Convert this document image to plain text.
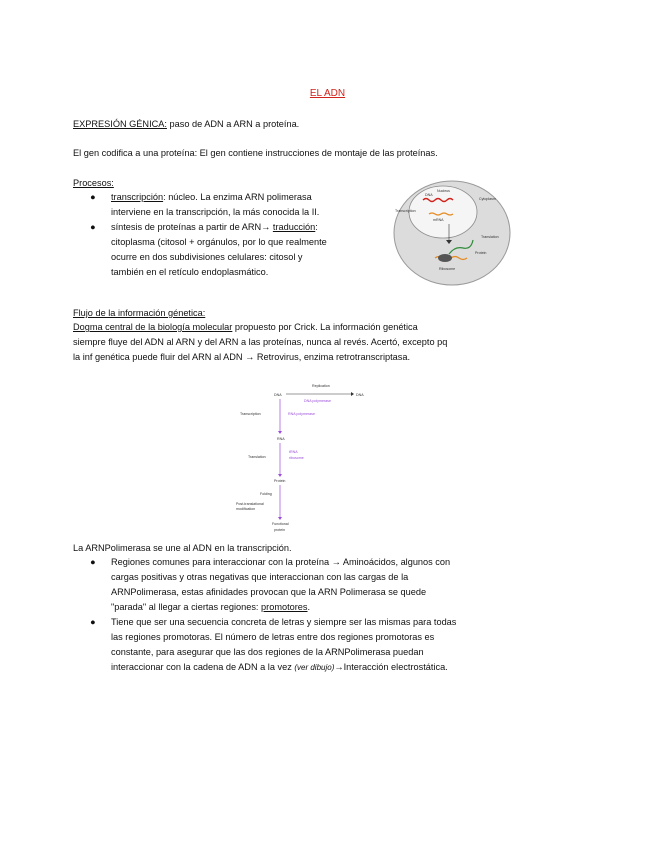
EL ADN
EXPRESIÓN GÉNICA: paso de ADN a ARN a proteína.
El gen codifica a una proteína: El gen contiene instrucciones de montaje de las proteínas.
Procesos:
● transcripción: núcleo. La enzima ARN polimerasa
interviene en la transcripción, la más conocida la II.
● síntesis de proteínas a partir de ARN→ traducción:
citoplasma (citosol + orgánulos, por lo que realmente
ocurre en dos subdivisiones celulares: citosol y
también en el retículo endoplasmático.
Nucleus
DNA
mRNA
Ribosome
Protein
Transcription
Translation
Cytoplasm
Flujo de la información génetica:
Dogma central de la biología molecular propuesto por Crick. La información genética
siempre fluye del ADN al ARN y del ARN a las proteínas, nunca al revés. Acertó, excepto pq
la inf genética puede fluir del ARN al ADN → Retrovirus, enzima retrotranscriptasa.
Replication
DNA	DNA
DNA polymerase
Transcription	RNA polymerase
RNA
Translation
tRNA
ribosome
Protein
Folding
Post-translational
modification
Functional
protein
La ARNPolimerasa se une al ADN en la transcripción.
● Regiones comunes para interaccionar con la proteína → Aminoácidos, algunos con
cargas positivas y otras negativas que interaccionan con las cargas de la
ARNPolimerasa, estas afinidades provocan que la ARN Polimerasa se quede
"parada" al llegar a ciertas regiones: promotores.
● Tiene que ser una secuencia concreta de letras y siempre ser las mismas para todas
las regiones promotoras. El número de letras entre dos regiones promotoras es
constante, para asegurar que las dos regiones de la ARNPolimerasa puedan
interaccionar con la cadena de ADN a la vez (ver dibujo)→Interacción electrostática.
